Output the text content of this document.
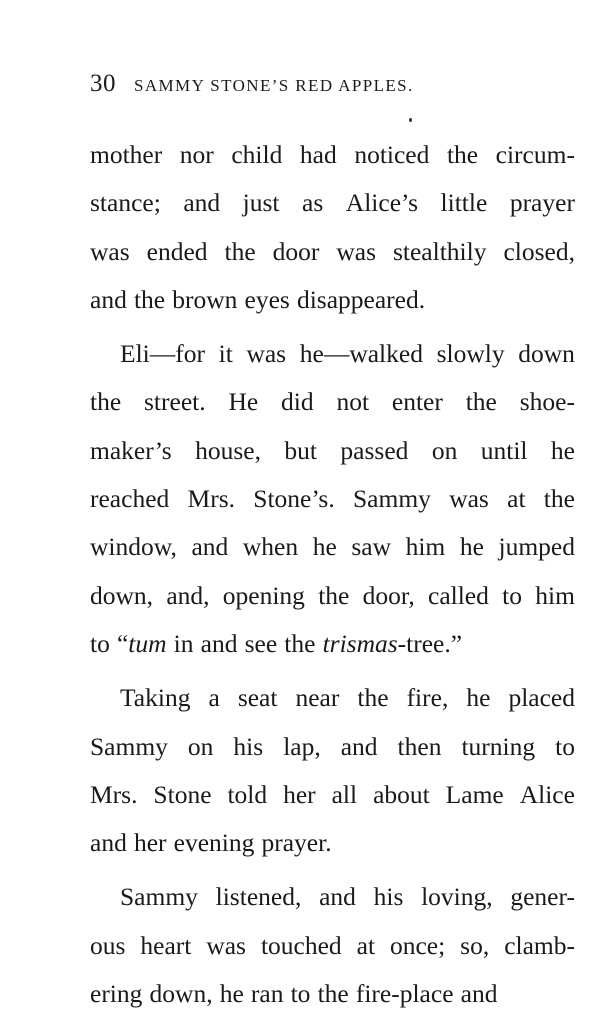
30 SAMMY STONE’S RED APPLES.
mother nor child had noticed the circum-
stance; and just as Alice’s little prayer
was ended the door was stealthily closed,
and the brown eyes disappeared.
Eli—for it was he—walked slowly down
the street. He did not enter the shoe-
maker’s house, but passed on until he
reached Mrs. Stone’s. Sammy was at the
window, and when he saw him he jumped
down, and, opening the door, called to him
to “tum in and see the trismas-tree.”
Taking a seat near the fire, he placed
Sammy on his lap, and then turning to
Mrs. Stone told her all about Lame Alice
and her evening prayer.
Sammy listened, and his loving, gener-
ous heart was touched at once; so, clamb-
ering down, he ran to the fire-place and
